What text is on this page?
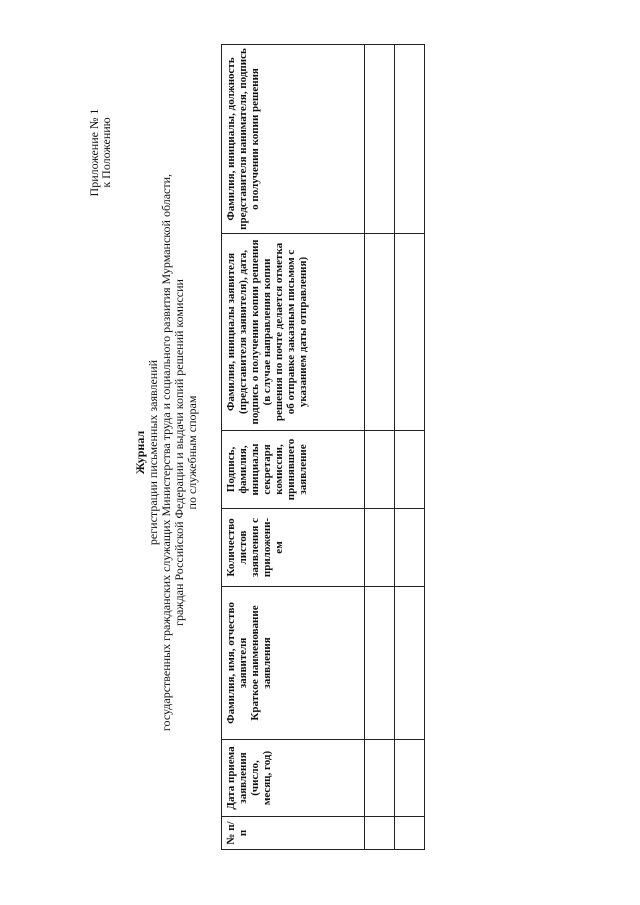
Приложение № 1
к Положению
Журнал регистрации письменных заявлений государственных гражданских служащих Министерства труда и социального развития Мурманской области, граждан Российской Федерации и выдачи копий решений комиссии по служебным спорам
№ п/п	Дата приема заявления (число, месяц, год)	Фамилия, имя, отчество заявителя Краткое наименование заявления	Количество листов заявления с приложени-ем	Подпись, фамилия, инициалы секретаря комиссии, принявшего заявление	Фамилия, инициалы заявителя (представителя заявителя), дата, подпись о получении копии решения (в случае направления копии решения по почте делается отметка об отправке заказным письмом с указанием даты отправления)	Фамилия, инициалы, должность представителя нанимателя, подпись о получении копии решения
